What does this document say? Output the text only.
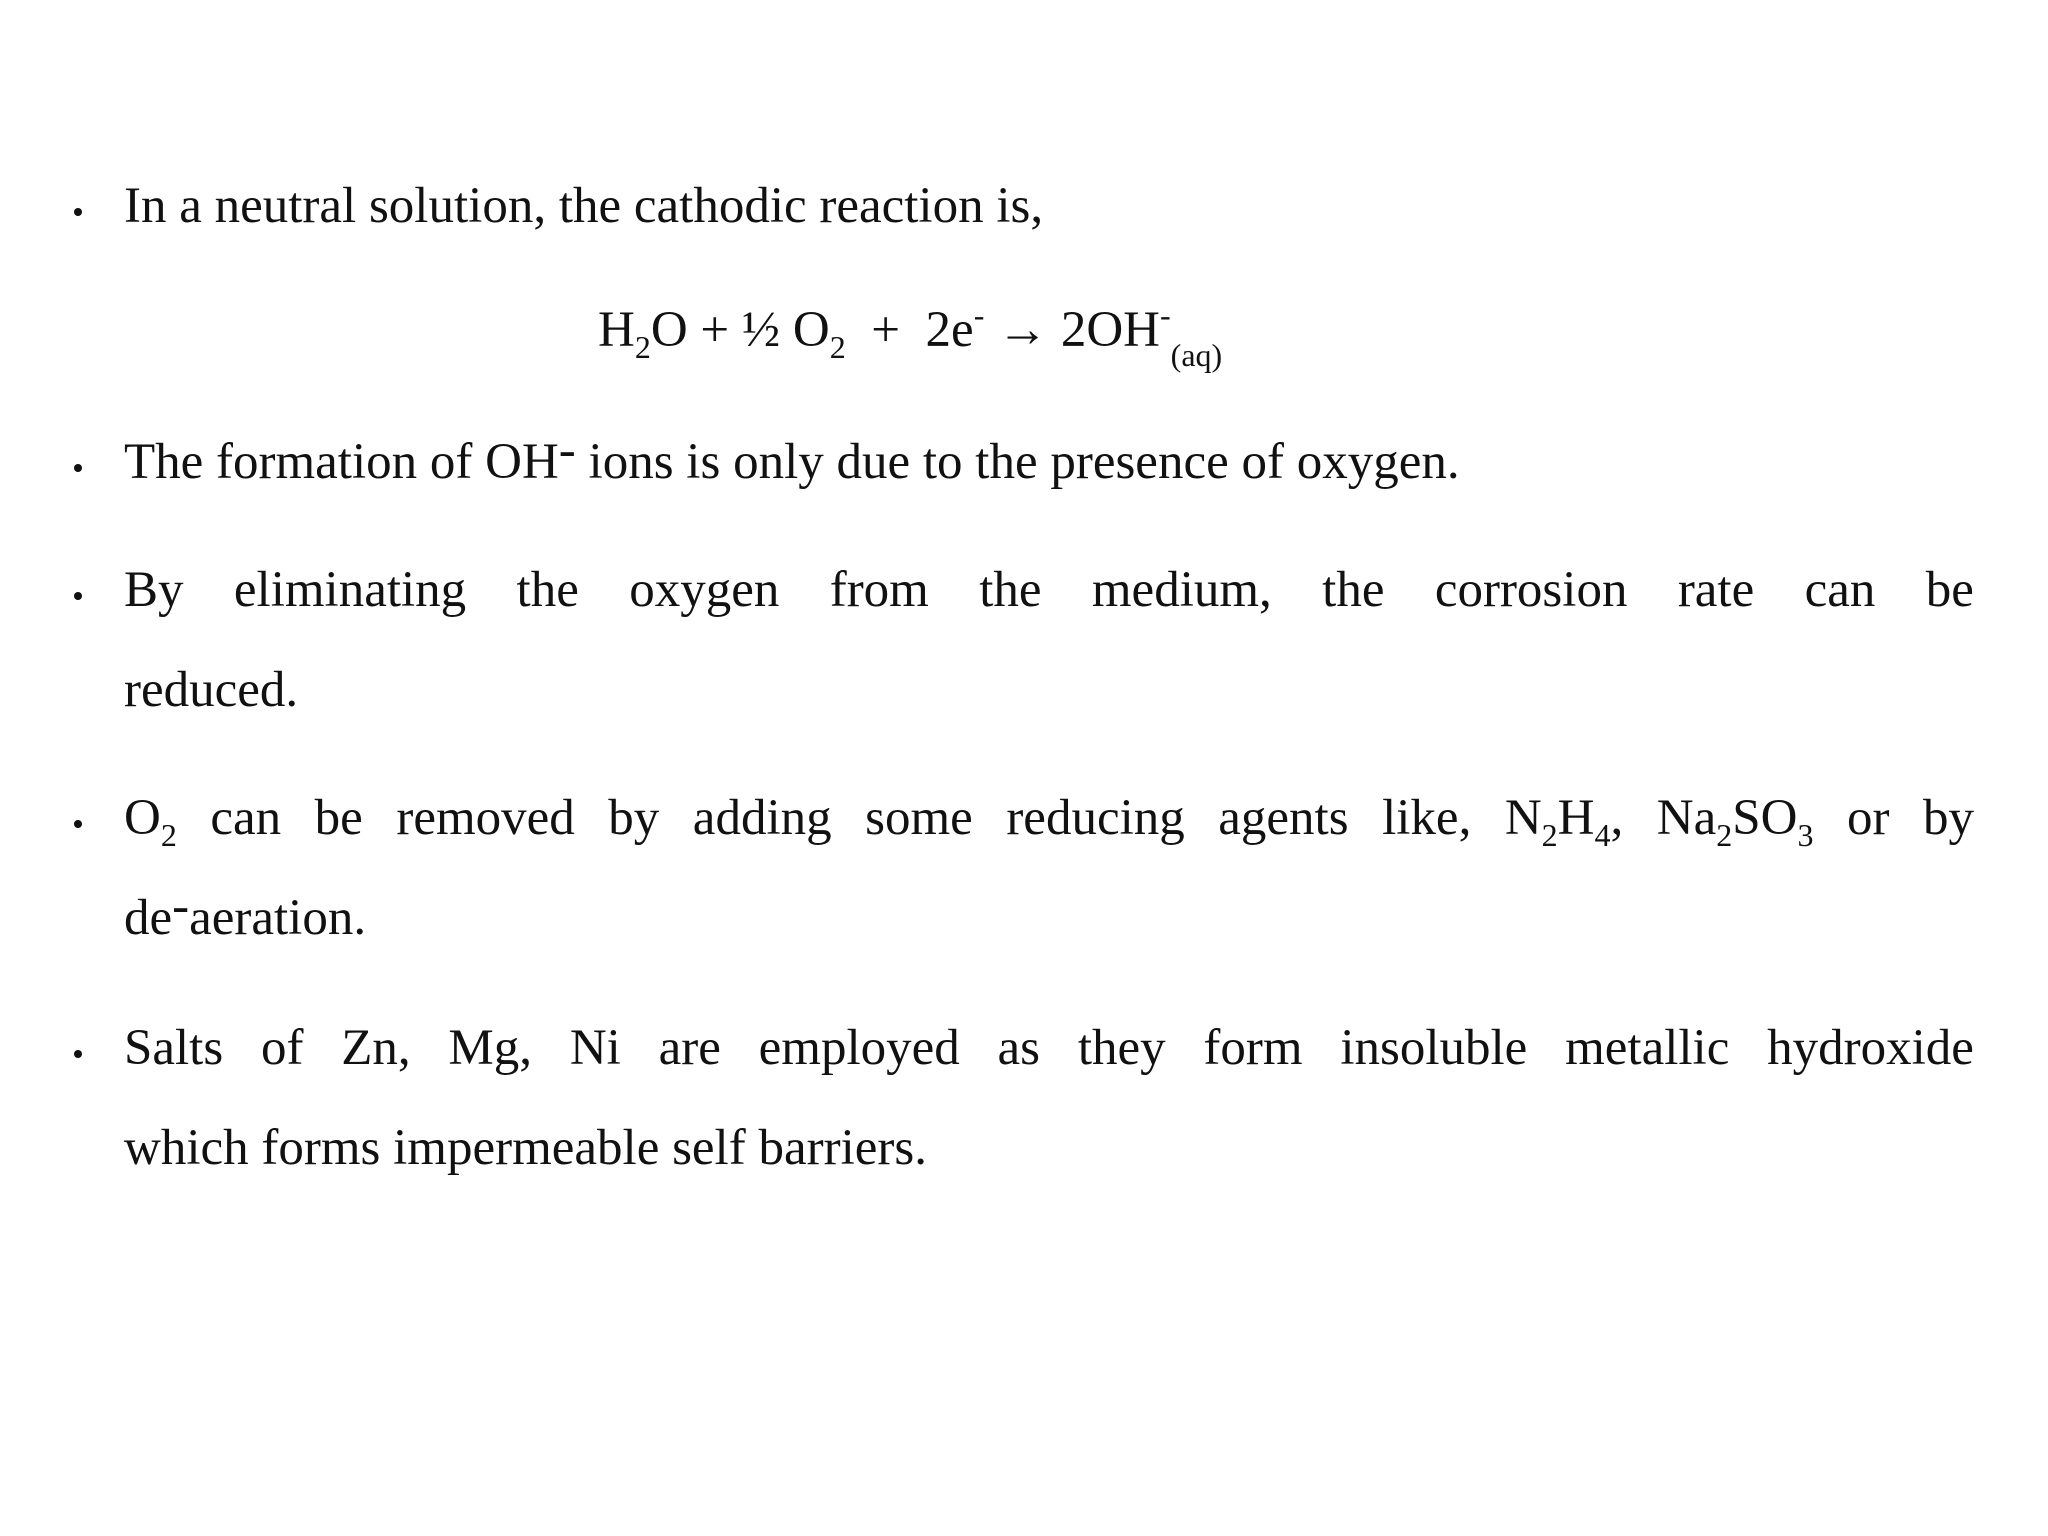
In a neutral solution, the cathodic reaction is,
$H_2O$ + ½ $O_2 + 2e^- \to 2OH^-_{(aq)}$
The formation of OH- ions is only due to the presence of oxygen.
By eliminating the oxygen from the medium, the corrosion rate can be
reduced.
$O_2$ can be removed by adding some reducing agents like, $N_2H_4$, $Na_2SO_3$ or by
de-aeration.
Salts of Zn, Mg, Ni are employed as they form insoluble metallic hydroxide
which forms impermeable self barriers.
